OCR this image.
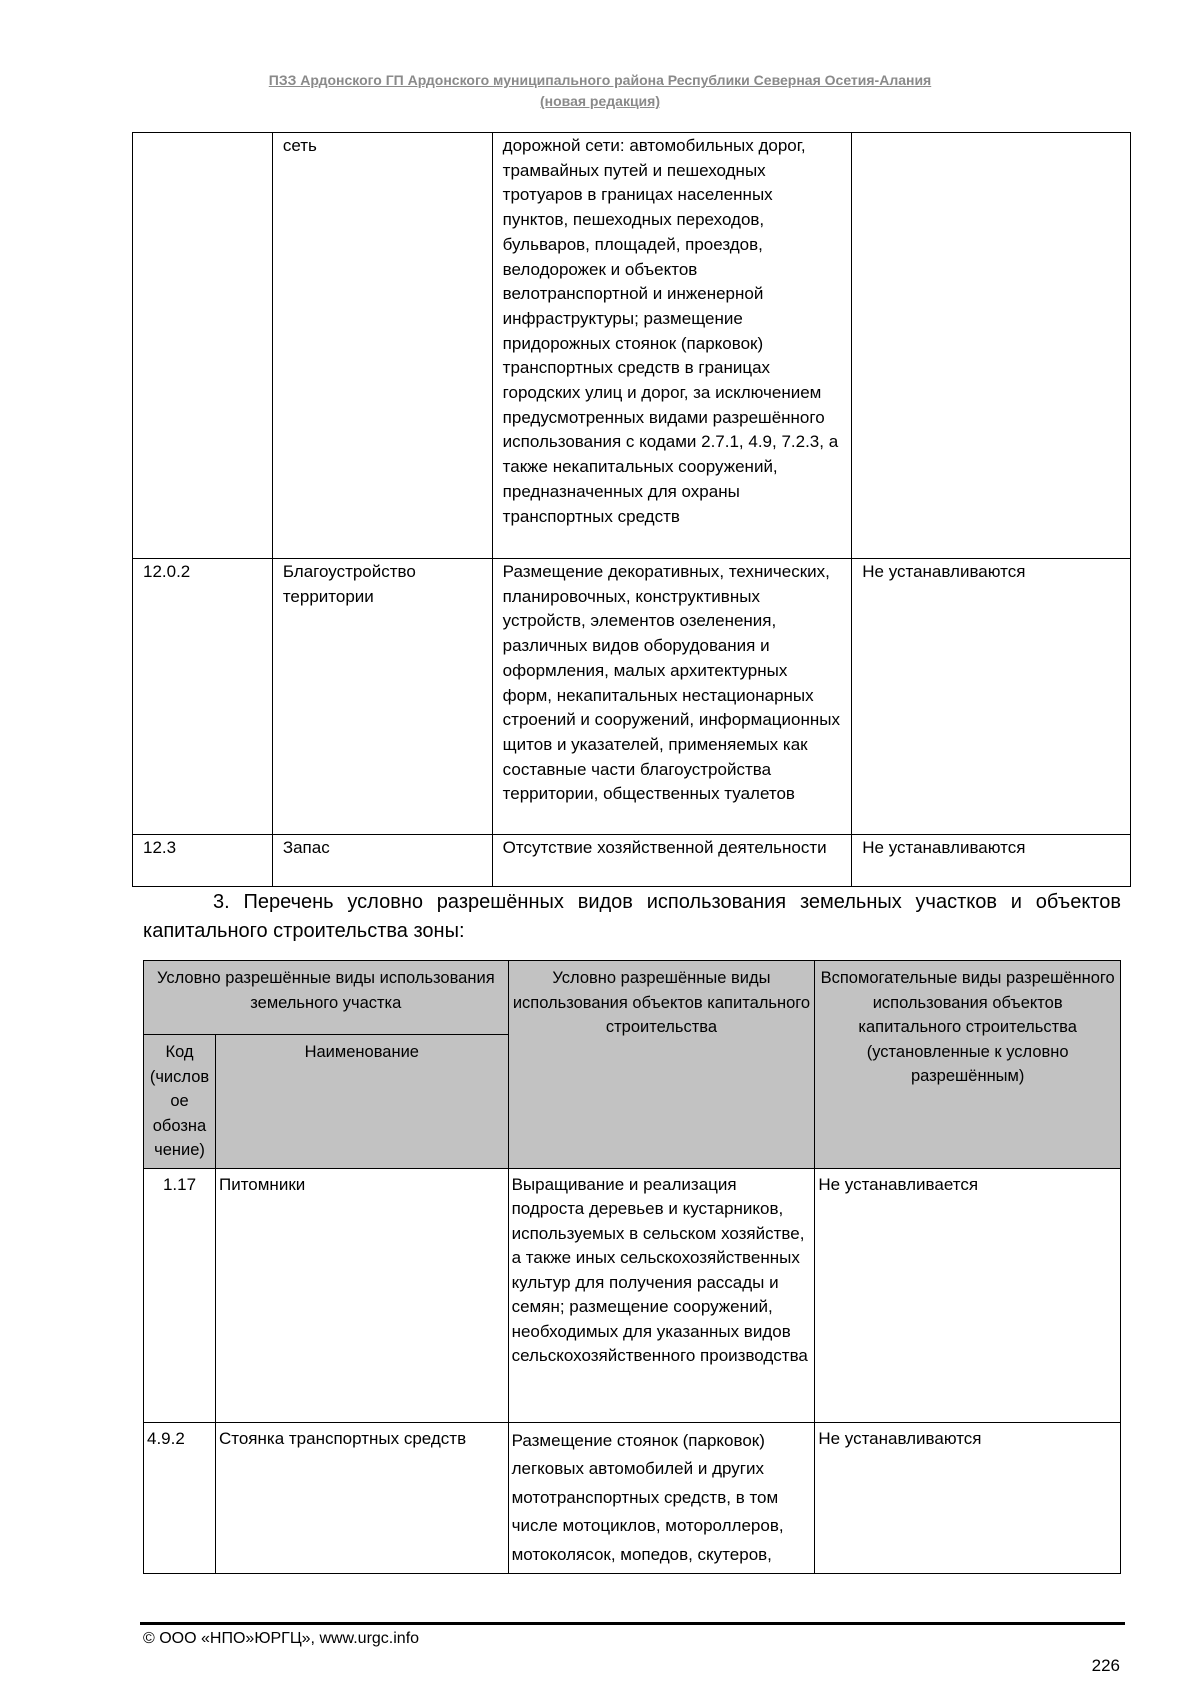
ПЗЗ Ардонского ГП Ардонского муниципального района Республики Северная Осетия-Алания
(новая редакция)
	сеть	дорожной сети: автомобильных дорог, трамвайных путей и пешеходных тротуаров в границах населенных пунктов, пешеходных переходов, бульваров, площадей, проездов, велодорожек и объектов велотранспортной и инженерной инфраструктуры; размещение придорожных стоянок (парковок) транспортных средств в границах городских улиц и дорог, за исключением предусмотренных видами разрешённого использования с кодами 2.7.1, 4.9, 7.2.3, а также некапитальных сооружений, предназначенных для охраны транспортных средств	
12.0.2	Благоустройство территории	Размещение декоративных, технических, планировочных, конструктивных устройств, элементов озеленения, различных видов оборудования и оформления, малых архитектурных форм, некапитальных нестационарных строений и сооружений, информационных щитов и указателей, применяемых как составные части благоустройства территории, общественных туалетов	Не устанавливаются
12.3	Запас	Отсутствие хозяйственной деятельности	Не устанавливаются
3. Перечень условно разрешённых видов использования земельных участков и объектов капитального строительства зоны:
Условно разрешённые виды использования земельного участка		Условно разрешённые виды использования объектов капитального строительства	Вспомогательные виды разрешённого использования объектов капитального строительства (установленные к условно разрешённым)
Код (числов ое обозна чение)	Наименование		
1.17	Питомники	Выращивание и реализация подроста деревьев и кустарников, используемых в сельском хозяйстве, а также иных сельскохозяйственных культур для получения рассады и семян; размещение сооружений, необходимых для указанных видов сельскохозяйственного производства	Не устанавливается
4.9.2	Стоянка транспортных средств	Размещение стоянок (парковок) легковых автомобилей и других мототранспортных средств, в том числе мотоциклов, мотороллеров, мотоколясок, мопедов, скутеров,	Не устанавливаются
© ООО «НПО»ЮРГЦ», www.urgc.info
226
